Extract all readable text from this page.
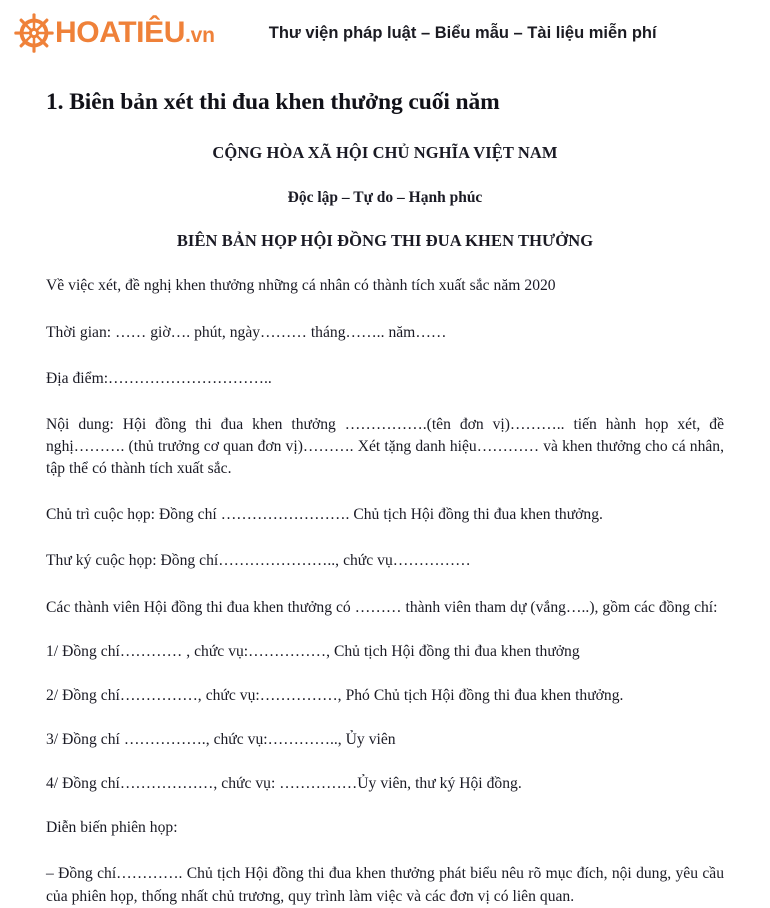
HOATIÊU.vn	Thư viện pháp luật – Biểu mẫu – Tài liệu miễn phí
1. Biên bản xét thi đua khen thưởng cuối năm
CỘNG HÒA XÃ HỘI CHỦ NGHĨA VIỆT NAM
Độc lập – Tự do – Hạnh phúc
BIÊN BẢN HỌP HỘI ĐỒNG THI ĐUA KHEN THƯỞNG

Về việc xét, đề nghị khen thưởng những cá nhân có thành tích xuất sắc năm 2020

Thời gian: …… giờ…. phút, ngày……… tháng…….. năm……

Địa điểm:…………………………..

Nội dung: Hội đồng thi đua khen thưởng …………….(tên đơn vị)……….. tiến hành họp xét, đề nghị………. (thủ trưởng cơ quan đơn vị)………. Xét tặng danh hiệu………… và khen thưởng cho cá nhân, tập thể có thành tích xuất sắc.

Chủ trì cuộc họp: Đồng chí ……………………. Chủ tịch Hội đồng thi đua khen thưởng.

Thư ký cuộc họp: Đồng chí………………….., chức vụ……………

Các thành viên Hội đồng thi đua khen thưởng có ……… thành viên tham dự (vắng…..), gồm các đồng chí:

1/ Đồng chí………… , chức vụ:……………, Chủ tịch Hội đồng thi đua khen thưởng

2/ Đồng chí……………, chức vụ:……………, Phó Chủ tịch Hội đồng thi đua khen thưởng.

3/ Đồng chí ……………., chức vụ:………….., Ủy viên

4/ Đồng chí………………, chức vụ: ……………Ủy viên, thư ký Hội đồng.

Diễn biến phiên họp:

– Đồng chí…………. Chủ tịch Hội đồng thi đua khen thưởng phát biểu nêu rõ mục đích, nội dung, yêu cầu của phiên họp, thống nhất chủ trương, quy trình làm việc và các đơn vị có liên quan.
